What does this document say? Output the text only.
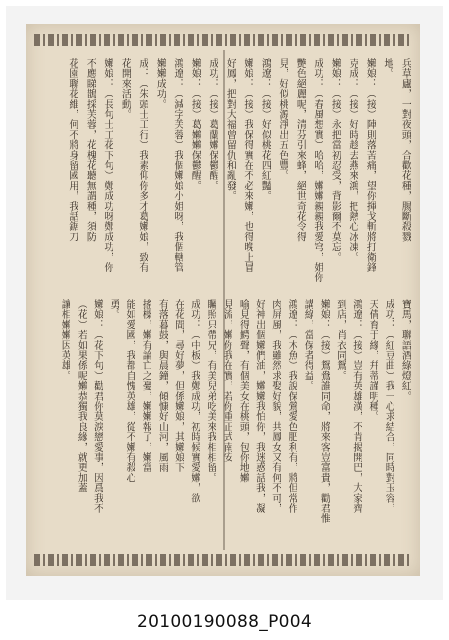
兵草廬，一對夜頭，合歡花種，腸斷殺戮
地。
嬾娘：（接）陣則落苦痛，望你揮戈斬將打衛鋒
克成：（接）好時趁去燕來鴻，把熱心冰凍。
嬾娘：（接）永把當初忍受，背影爾不莫忘。
成功：（春風想實）哈哈，嬾嬾親親我愛穹，姐你
艷色絕麗呢，清芬引來蜂，絕世奇花令得
見，好似桃源淨出五色豐。
鴻遼：（接）好似桃花四紅豔。
嬾娘：（接）我保得實在不必來嬾，也得晚上冒
好鳳，把對大福曾留仇和亂發。
成功：（接）葛蘭嬾保鬱醒。
嬾娘：（接）葛嬾嬾保鬱醒。
鴻遼：（減字芙蓉）我個嬾娘小姐呀，我個轄管
嬾嬾成功。
成：（朱頭士工行）我素仰你多才葛嬾娘，致有
花開來活動。
嬾娘：（長句士工花下句）鄭成功呀鄭成功，你
不應睇鵲採芙蓉，花槐花聽無謂種，須防
花園聯花維，何不將身留國用，我話鋸刀
寶馬，聯語酒綠燈紅。
成功：（紅豆曲）我一心求結合，同時對玉容，
天倩育于緣，幷蒂謹明種。
鴻遼：（接）豈有英雄漢，不肯揭開巴，大家齊
到店，肖衣同鴛。
嬾娘：（接）鴛鴦誰同命，將來客豈富貴，勸君惟
講綠，當保者得益。
鴻遼：（木魚）我說保鶯愛色肥利有，將但常作
肉屏風，我雖然求娶好貌，共鳳女又有何不可，
好神出個嬾們油，嬾嬾我怕你，我迷惑話我，凝
喻見得鰐聲，有個美女在桃頭，包你地嬾
見流，嬾你我在實，若你重正式南安
矚照只帶兄，有美兒弟吃美來我相相留。
成功：（中板）我鄭成功，初時候實愛嬾，欲
在花間，尋好夢，但係嬾娘，其嬾娘下
有落暮鼓，與晨鐘，傾慷好山河，風雨
搖樑，嬾有論亡之憂，嬾嬾報了，嬾當
能如愛國，我都自愧英雄，從不嬾有殺心
勇。
嬾娘：（花下句）勸君你莫淚戀愛事，因爲我不
（花）若如果係呢嬾恭獨我良緣，就更加蓋
讓相嬾嬾因英雄。
20100190088_P004
